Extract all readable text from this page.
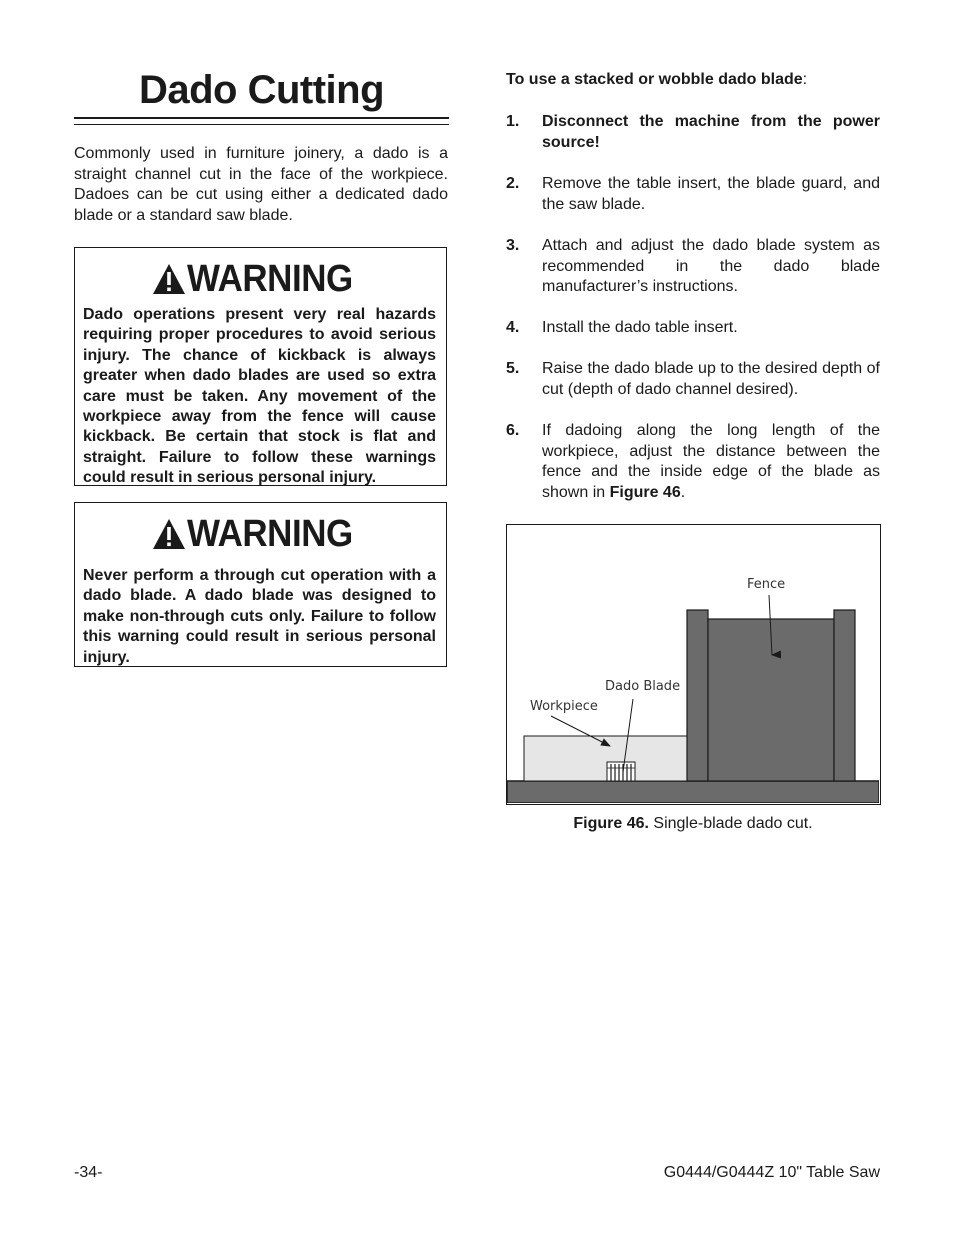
Dado Cutting

Commonly used in furniture joinery, a dado is a straight channel cut in the face of the workpiece. Dadoes can be cut using either a dedicated dado blade or a standard saw blade.

WARNING

Dado operations present very real hazards requiring proper procedures to avoid serious injury. The chance of kickback is always greater when dado blades are used so extra care must be taken. Any movement of the workpiece away from the fence will cause kickback. Be certain that stock is flat and straight. Failure to follow these warnings could result in serious personal injury.

WARNING

Never perform a through cut operation with a dado blade. A dado blade was designed to make non-through cuts only. Failure to follow this warning could result in serious personal injury.

To use a stacked or wobble dado blade:

1. Disconnect the machine from the power source!

2. Remove the table insert, the blade guard, and the saw blade.

3. Attach and adjust the dado blade system as recommended in the dado blade manufacturer’s instructions.

4. Install the dado table insert.

5. Raise the dado blade up to the desired depth of cut (depth of dado channel desired).

6. If dadoing along the long length of the workpiece, adjust the distance between the fence and the inside edge of the blade as shown in Figure 46.

Fence
Dado Blade
Workpiece

Figure 46. Single-blade dado cut.

-34-	G0444/G0444Z 10" Table Saw
